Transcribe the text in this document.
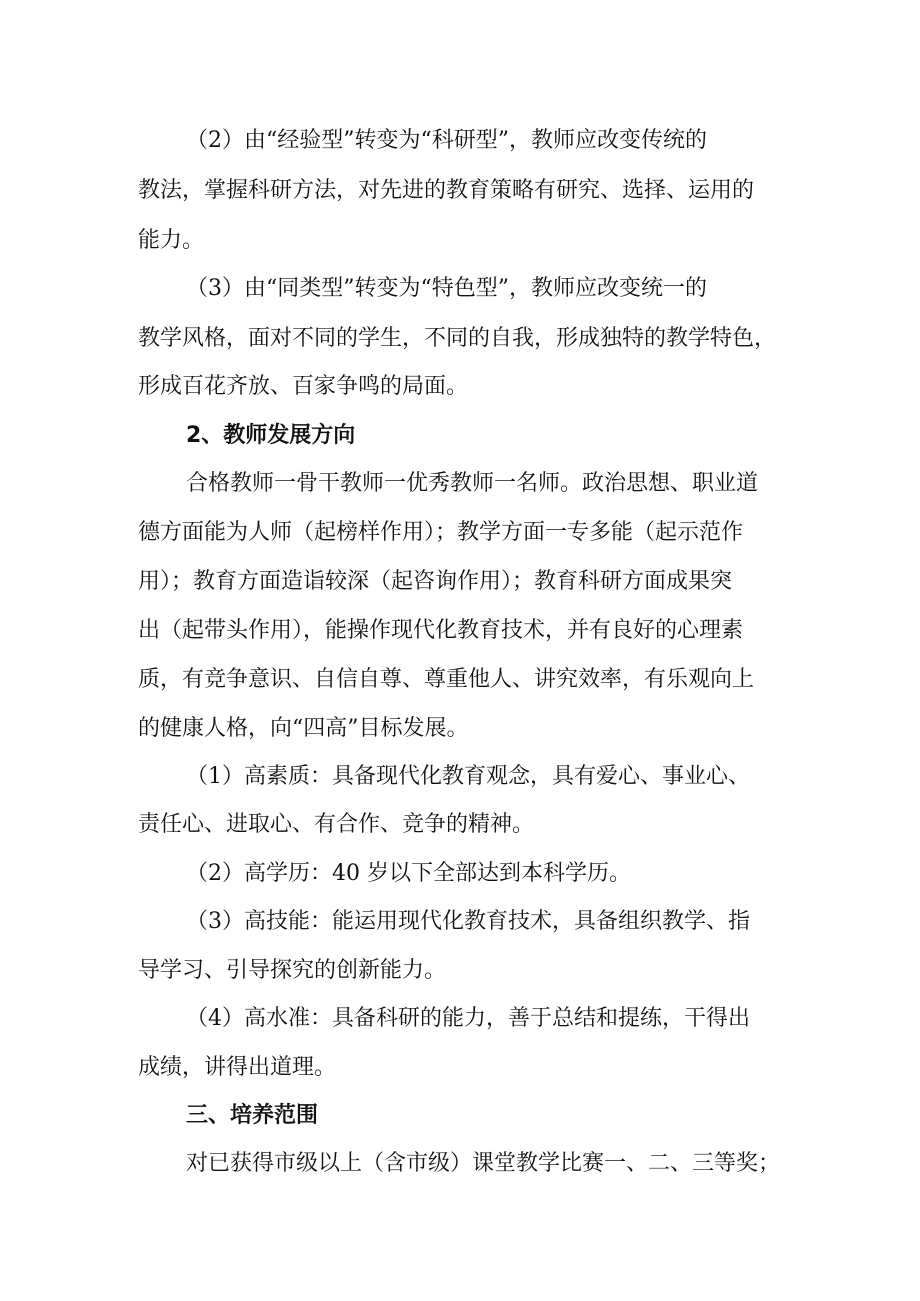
（2）由“经验型”转变为“科研型”，教师应改变传统的
教法，掌握科研方法，对先进的教育策略有研究、选择、运用的
能力。
（3）由“同类型”转变为“特色型”，教师应改变统一的
教学风格，面对不同的学生，不同的自我，形成独特的教学特色，
形成百花齐放、百家争鸣的局面。
2、教师发展方向
合格教师一骨干教师一优秀教师一名师。政治思想、职业道
德方面能为人师（起榜样作用）；教学方面一专多能（起示范作
用）；教育方面造诣较深（起咨询作用）；教育科研方面成果突
出（起带头作用），能操作现代化教育技术，并有良好的心理素
质，有竞争意识、自信自尊、尊重他人、讲究效率，有乐观向上
的健康人格，向“四高”目标发展。
（1）高素质：具备现代化教育观念，具有爱心、事业心、
责任心、进取心、有合作、竞争的精神。
（2）高学历：40 岁以下全部达到本科学历。
（3）高技能：能运用现代化教育技术，具备组织教学、指
导学习、引导探究的创新能力。
（4）高水准：具备科研的能力，善于总结和提练，干得出
成绩，讲得出道理。
三、培养范围
对已获得市级以上（含市级）课堂教学比赛一、二、三等奖；
